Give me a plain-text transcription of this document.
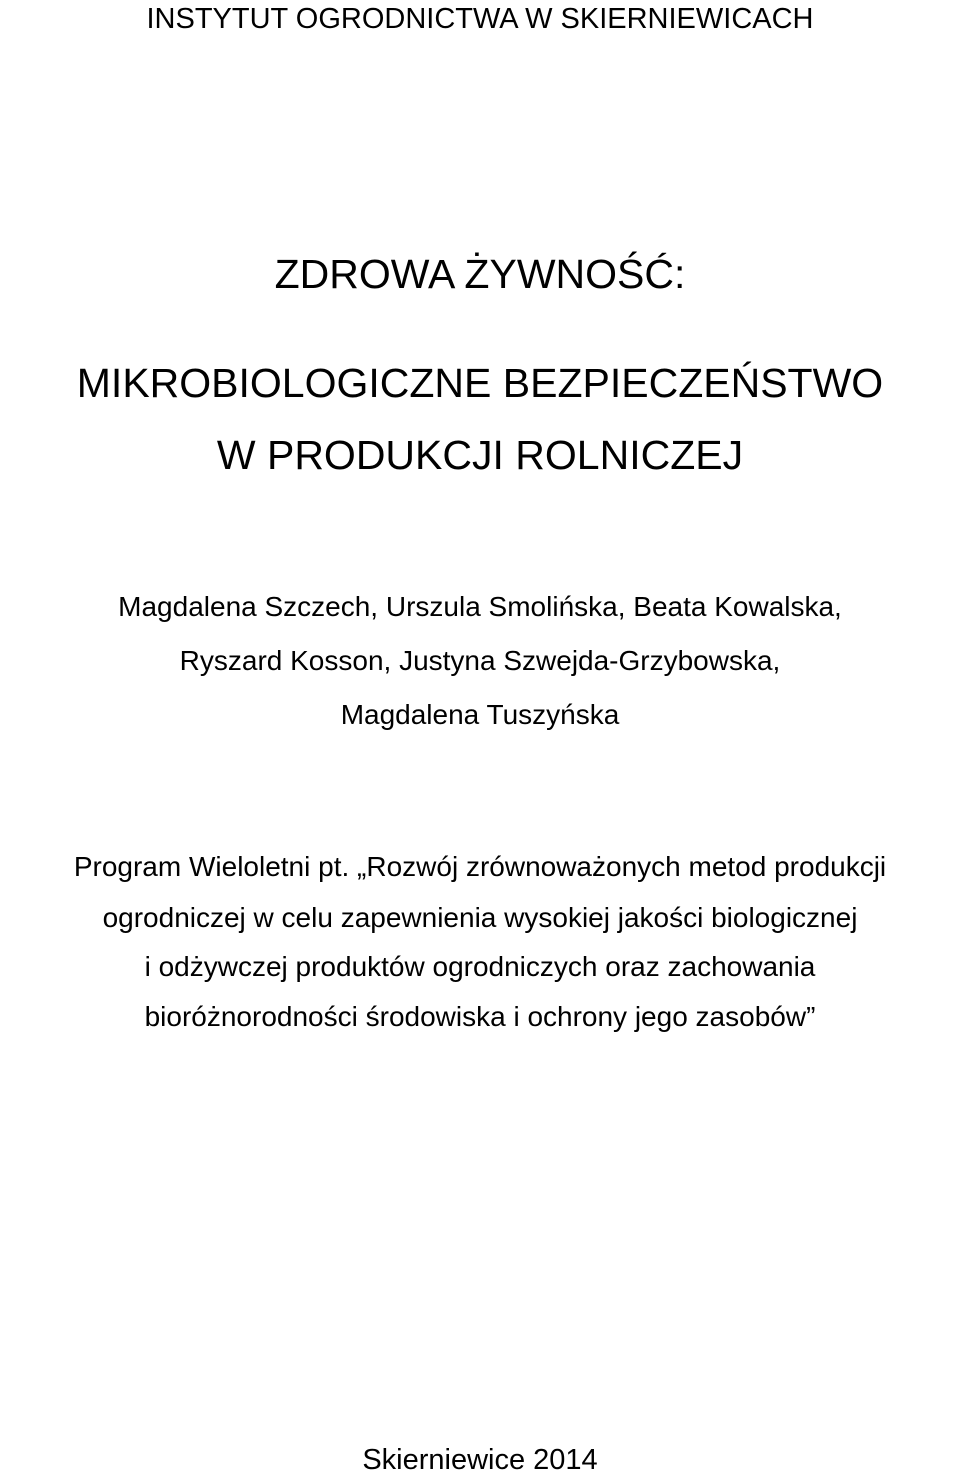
INSTYTUT OGRODNICTWA W SKIERNIEWICACH
ZDROWA ŻYWNOŚĆ:
MIKROBIOLOGICZNE BEZPIECZEŃSTWO
W PRODUKCJI ROLNICZEJ
Magdalena Szczech, Urszula Smolińska, Beata Kowalska,
Ryszard Kosson, Justyna Szwejda-Grzybowska,
Magdalena Tuszyńska
Program Wieloletni pt. „Rozwój zrównoważonych metod produkcji
ogrodniczej w celu zapewnienia wysokiej jakości biologicznej
i odżywczej produktów ogrodniczych oraz zachowania
bioróżnorodności środowiska i ochrony jego zasobów”
Skierniewice 2014
